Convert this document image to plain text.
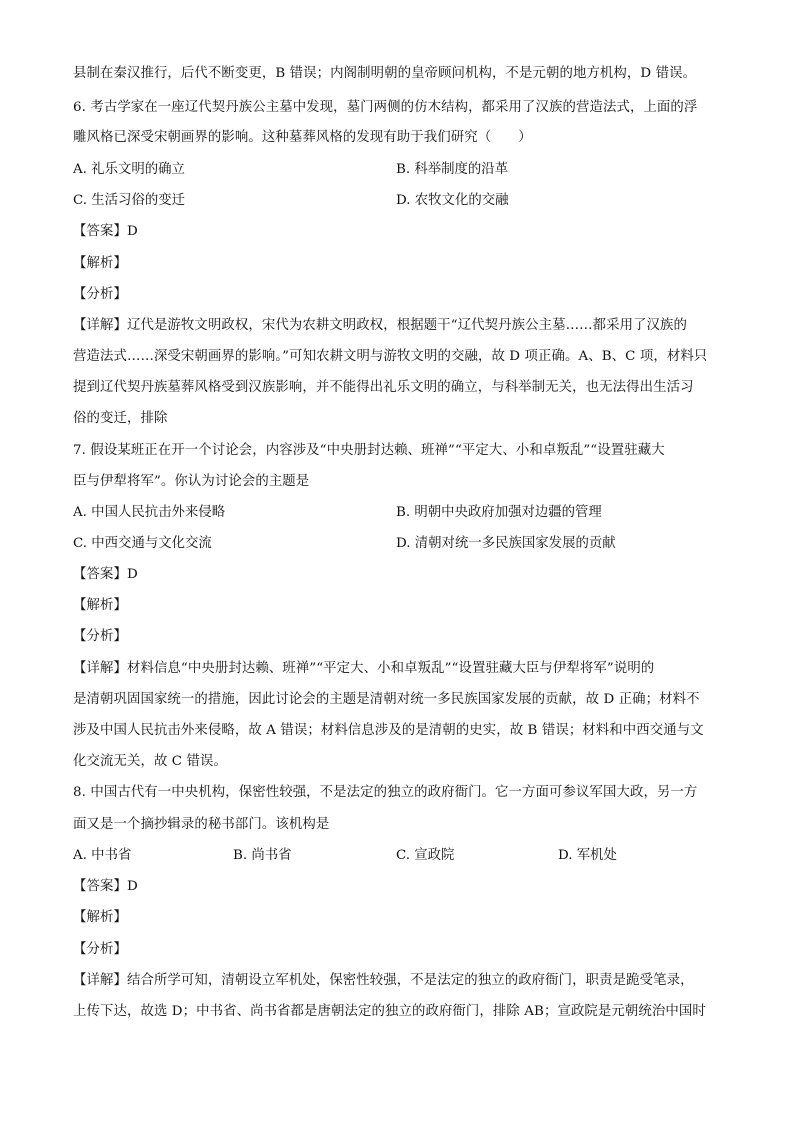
县制在秦汉推行，后代不断变更，B 错误；内阁制明朝的皇帝顾问机构，不是元朝的地方机构，D 错误。
6. 考古学家在一座辽代契丹族公主墓中发现，墓门两侧的仿木结构，都采用了汉族的营造法式，上面的浮
雕风格已深受宋朝画界的影响。这种墓葬风格的发现有助于我们研究（　　）
A. 礼乐文明的确立	B. 科举制度的沿革
C. 生活习俗的变迁	D. 农牧文化的交融
【答案】D
【解析】
【分析】
【详解】辽代是游牧文明政权，宋代为农耕文明政权，根据题干“辽代契丹族公主墓……都采用了汉族的
营造法式……深受宋朝画界的影响。”可知农耕文明与游牧文明的交融，故 D 项正确。A、B、C 项，材料只
提到辽代契丹族墓葬风格受到汉族影响，并不能得出礼乐文明的确立，与科举制无关，也无法得出生活习
俗的变迁，排除
7. 假设某班正在开一个讨论会，内容涉及“中央册封达赖、班禅”“平定大、小和卓叛乱”“设置驻藏大
臣与伊犁将军”。你认为讨论会的主题是
A. 中国人民抗击外来侵略	B. 明朝中央政府加强对边疆的管理
C. 中西交通与文化交流	D. 清朝对统一多民族国家发展的贡献
【答案】D
【解析】
【分析】
【详解】材料信息“中央册封达赖、班禅”“平定大、小和卓叛乱”“设置驻藏大臣与伊犁将军”说明的
是清朝巩固国家统一的措施，因此讨论会的主题是清朝对统一多民族国家发展的贡献，故 D 正确；材料不
涉及中国人民抗击外来侵略，故 A 错误；材料信息涉及的是清朝的史实，故 B 错误；材料和中西交通与文
化交流无关，故 C 错误。
8. 中国古代有一中央机构，保密性较强，不是法定的独立的政府衙门。它一方面可参议军国大政，另一方
面又是一个摘抄辑录的秘书部门。该机构是
A. 中书省	B. 尚书省	C. 宣政院	D. 军机处
【答案】D
【解析】
【分析】
【详解】结合所学可知，清朝设立军机处，保密性较强，不是法定的独立的政府衙门，职责是跪受笔录，
上传下达，故选 D；中书省、尚书省都是唐朝法定的独立的政府衙门，排除 AB；宣政院是元朝统治中国时
